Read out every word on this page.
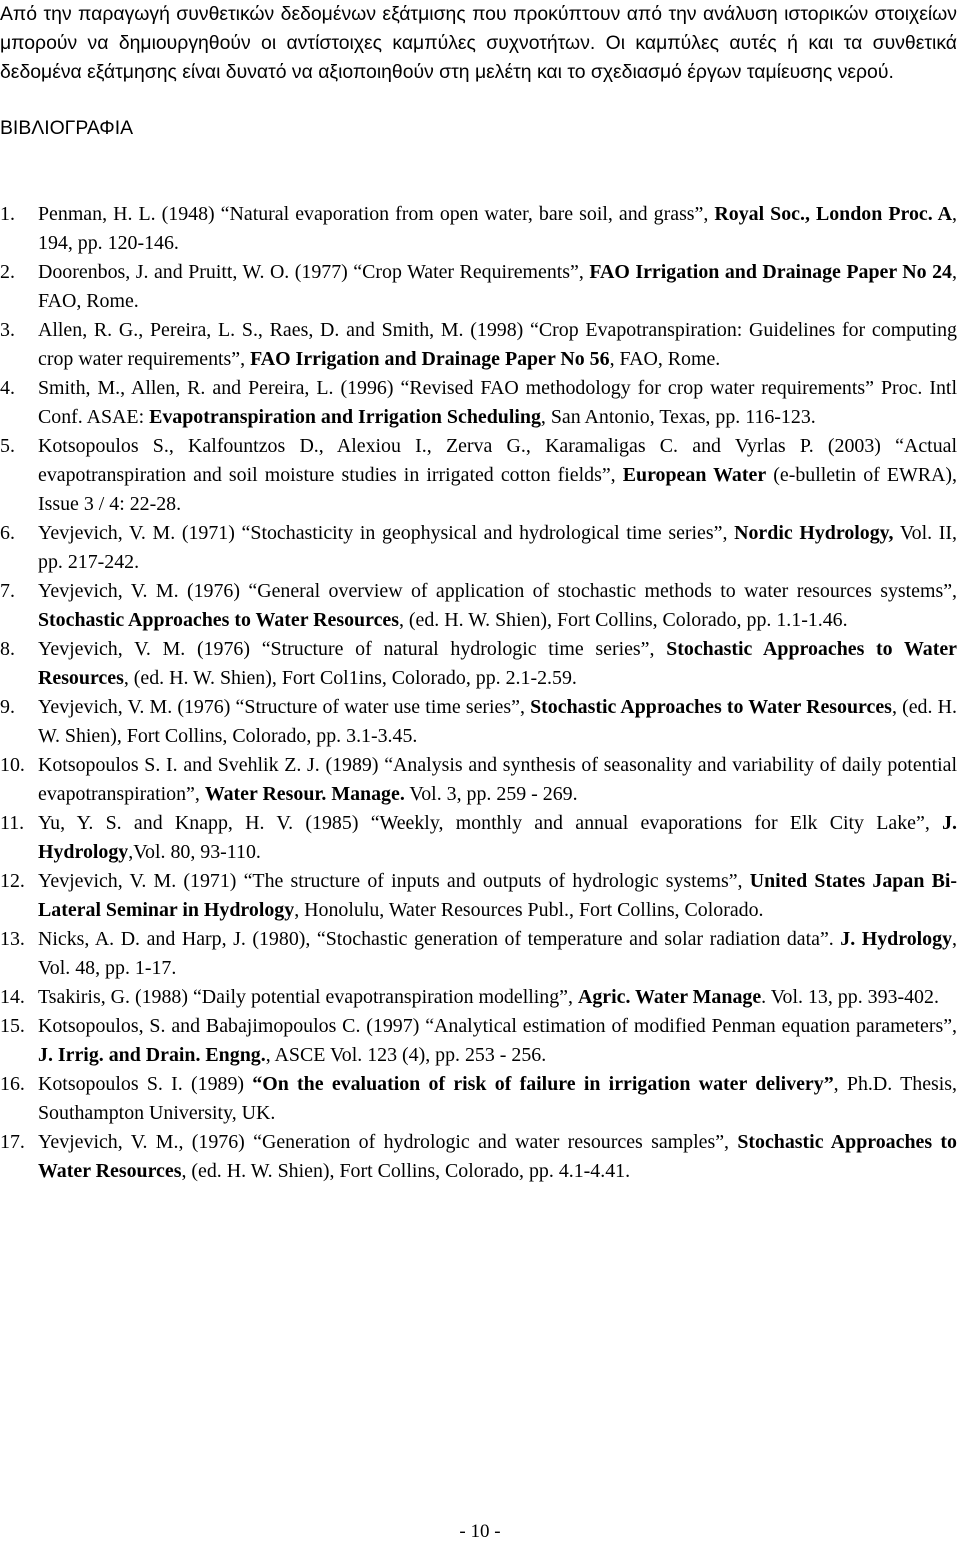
Από την παραγωγή συνθετικών δεδομένων εξάτμισης που προκύπτουν από την ανάλυση ιστορικών στοιχείων μπορούν να δημιουργηθούν οι αντίστοιχες καμπύλες συχνοτήτων. Οι καμπύλες αυτές ή και τα συνθετικά δεδομένα εξάτμησης είναι δυνατό να αξιοποιηθούν στη μελέτη και το σχεδιασμό έργων ταμίευσης νερού.

ΒΙΒΛΙΟΓΡΑΦΙΑ
1. Penman, H. L. (1948) “Natural evaporation from open water, bare soil, and grass”, Royal Soc., London Proc. A, 194, pp. 120-146.
2. Doorenbos, J. and Pruitt, W. O. (1977) “Crop Water Requirements”, FAO Irrigation and Drainage Paper No 24, FAO, Rome.
3. Allen, R. G., Pereira, L. S., Raes, D. and Smith, M. (1998) “Crop Evapotranspiration: Guidelines for computing crop water requirements”, FAO Irrigation and Drainage Paper No 56, FAO, Rome.
4. Smith, M., Allen, R. and Pereira, L. (1996) “Revised FAO methodology for crop water requirements” Proc. Intl Conf. ASAE: Evapotranspiration and Irrigation Scheduling, San Antonio, Texas, pp. 116-123.
5. Kotsopoulos S., Kalfountzos D., Alexiou I., Zerva G., Karamaligas C. and Vyrlas P. (2003) “Actual evapotranspiration and soil moisture studies in irrigated cotton fields”, European Water (e-bulletin of EWRA), Issue 3 / 4: 22-28.
6. Yevjevich, V. M. (1971) “Stochasticity in geophysical and hydrological time series”, Nordic Hydrology, Vol. II, pp. 217-242.
7. Yevjevich, V. M. (1976) “General overview of application of stochastic methods to water resources systems”, Stochastic Approaches to Water Resources, (ed. H. W. Shien), Fort Collins, Colorado, pp. 1.1-1.46.
8. Yevjevich, V. M. (1976) “Structure of natural hydrologic time series”, Stochastic Approaches to Water Resources, (ed. H. W. Shien), Fort Col1ins, Colorado, pp. 2.1-2.59.
9. Yevjevich, V. M. (1976) “Structure of water use time series”, Stochastic Approaches to Water Resources, (ed. H. W. Shien), Fort Collins, Colorado, pp. 3.1-3.45.
10. Kotsopoulos S. I. and Svehlik Z. J. (1989) “Analysis and synthesis of seasonality and variability of daily potential evapotranspiration”, Water Resour. Manage. Vol. 3, pp. 259 - 269.
11. Yu, Y. S. and Knapp, H. V. (1985) “Weekly, monthly and annual evaporations for Elk City Lake”, J. Hydrology,Vol. 80, 93-110.
12. Yevjevich, V. M. (1971) “The structure of inputs and outputs of hydrologic systems”, United States Japan Bi-Lateral Seminar in Hydrology, Honolulu, Water Resources Publ., Fort Collins, Colorado.
13. Nicks, A. D. and Harp, J. (1980), “Stochastic generation of temperature and solar radiation data”. J. Hydrology, Vol. 48, pp. 1-17.
14. Tsakiris, G. (1988) “Daily potential evapotranspiration modelling”, Agric. Water Manage. Vol. 13, pp. 393-402.
15. Kotsopoulos, S. and Babajimopoulos C. (1997) “Analytical estimation of modified Penman equation parameters”, J. Irrig. and Drain. Engng., ASCE Vol. 123 (4), pp. 253 - 256.
16. Kotsopoulos S. I. (1989) “On the evaluation of risk of failure in irrigation water delivery”, Ph.D. Thesis, Southampton University, UK.
17. Yevjevich, V. M., (1976) “Generation of hydrologic and water resources samples”, Stochastic Approaches to Water Resources, (ed. H. W. Shien), Fort Collins, Colorado, pp. 4.1-4.41.
- 10 -
